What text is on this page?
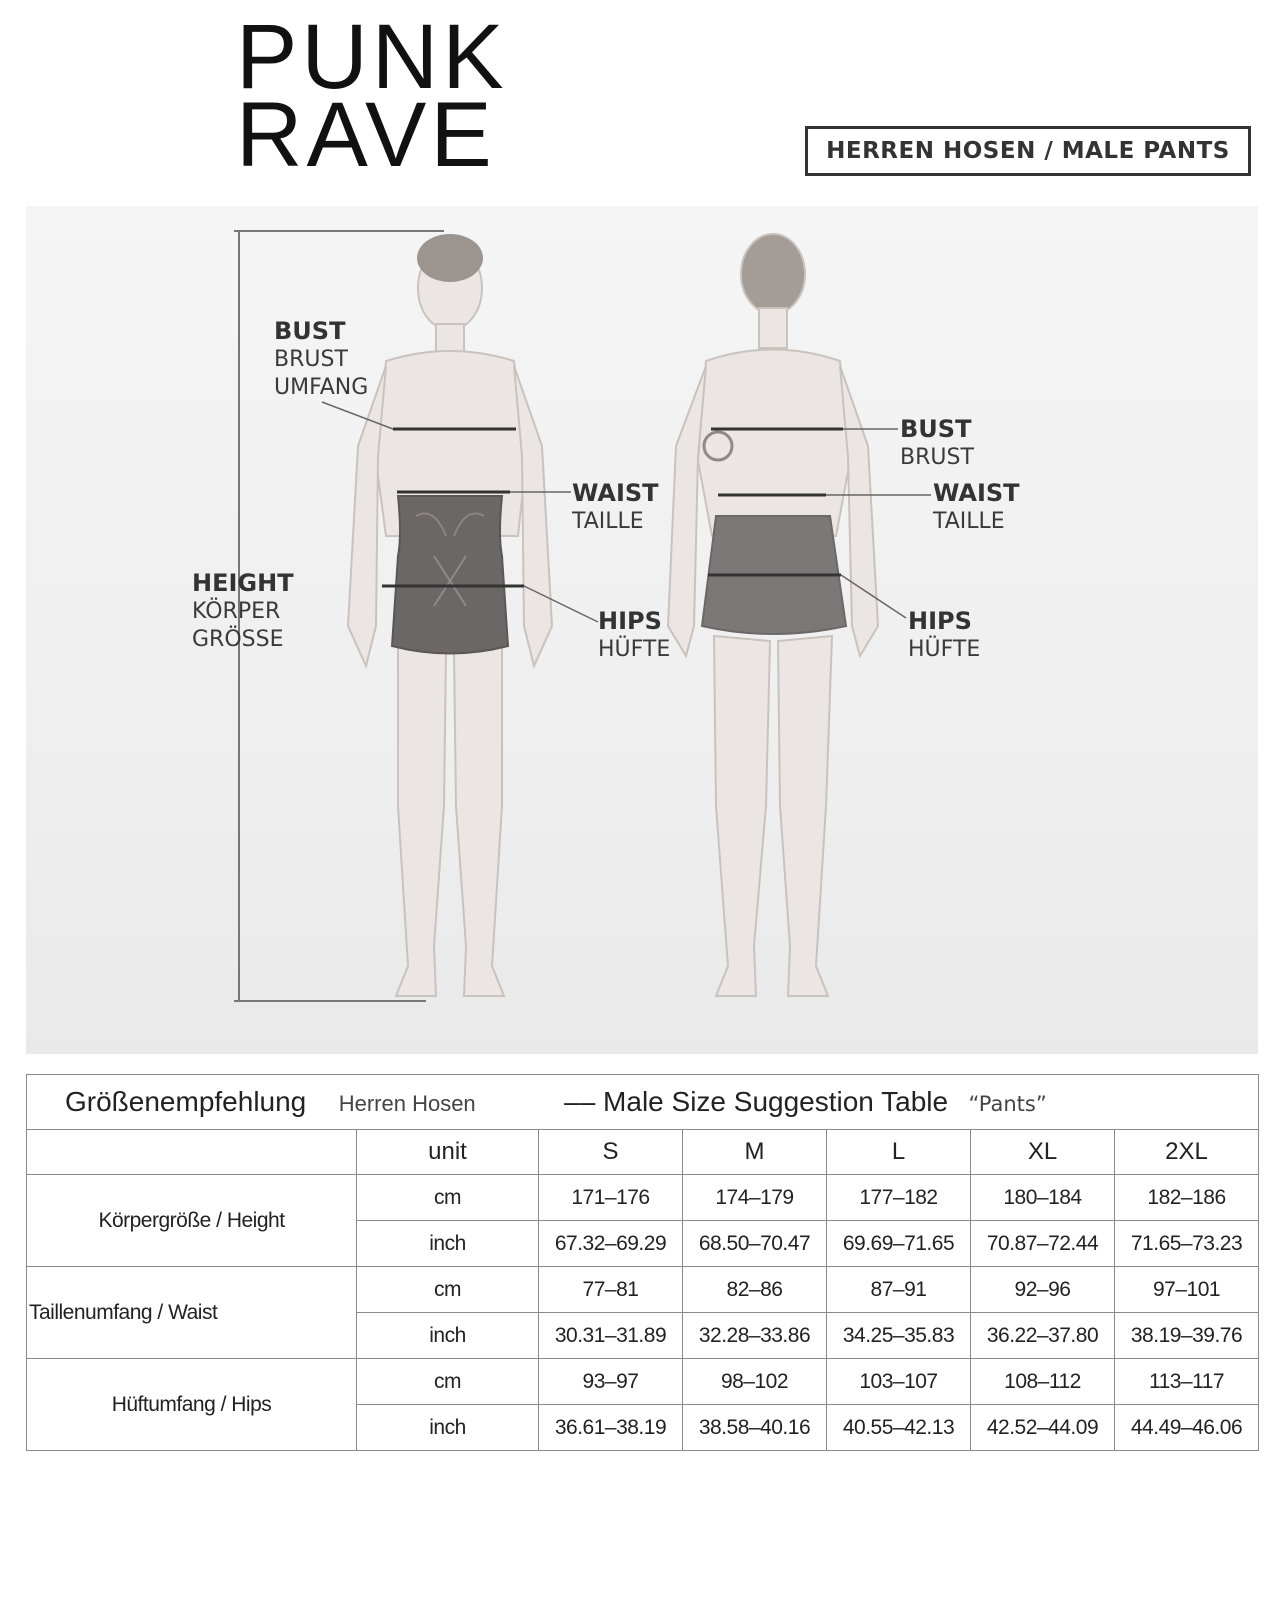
PUNK
RAVE	HERREN HOSEN / MALE PANTS
BUST
BRUST
UMFANG
WAIST
TAILLE
HIPS
HÜFTE
HEIGHT
KÖRPER
GRÖSSE
BUST
BRUST
WAIST
TAILLE
HIPS
HÜFTE
Größenempfehlung Herren Hosen –– Male Size Suggestion Table “Pants”						
	unit	S	M	L	XL	2XL
Körpergröße / Height	cm	171–176	174–179	177–182	180–184	182–186
	inch	67.32–69.29	68.50–70.47	69.69–71.65	70.87–72.44	71.65–73.23
Taillenumfang / Waist	cm	77–81	82–86	87–91	92–96	97–101
	inch	30.31–31.89	32.28–33.86	34.25–35.83	36.22–37.80	38.19–39.76
Hüftumfang / Hips	cm	93–97	98–102	103–107	108–112	113–117
	inch	36.61–38.19	38.58–40.16	40.55–42.13	42.52–44.09	44.49–46.06
